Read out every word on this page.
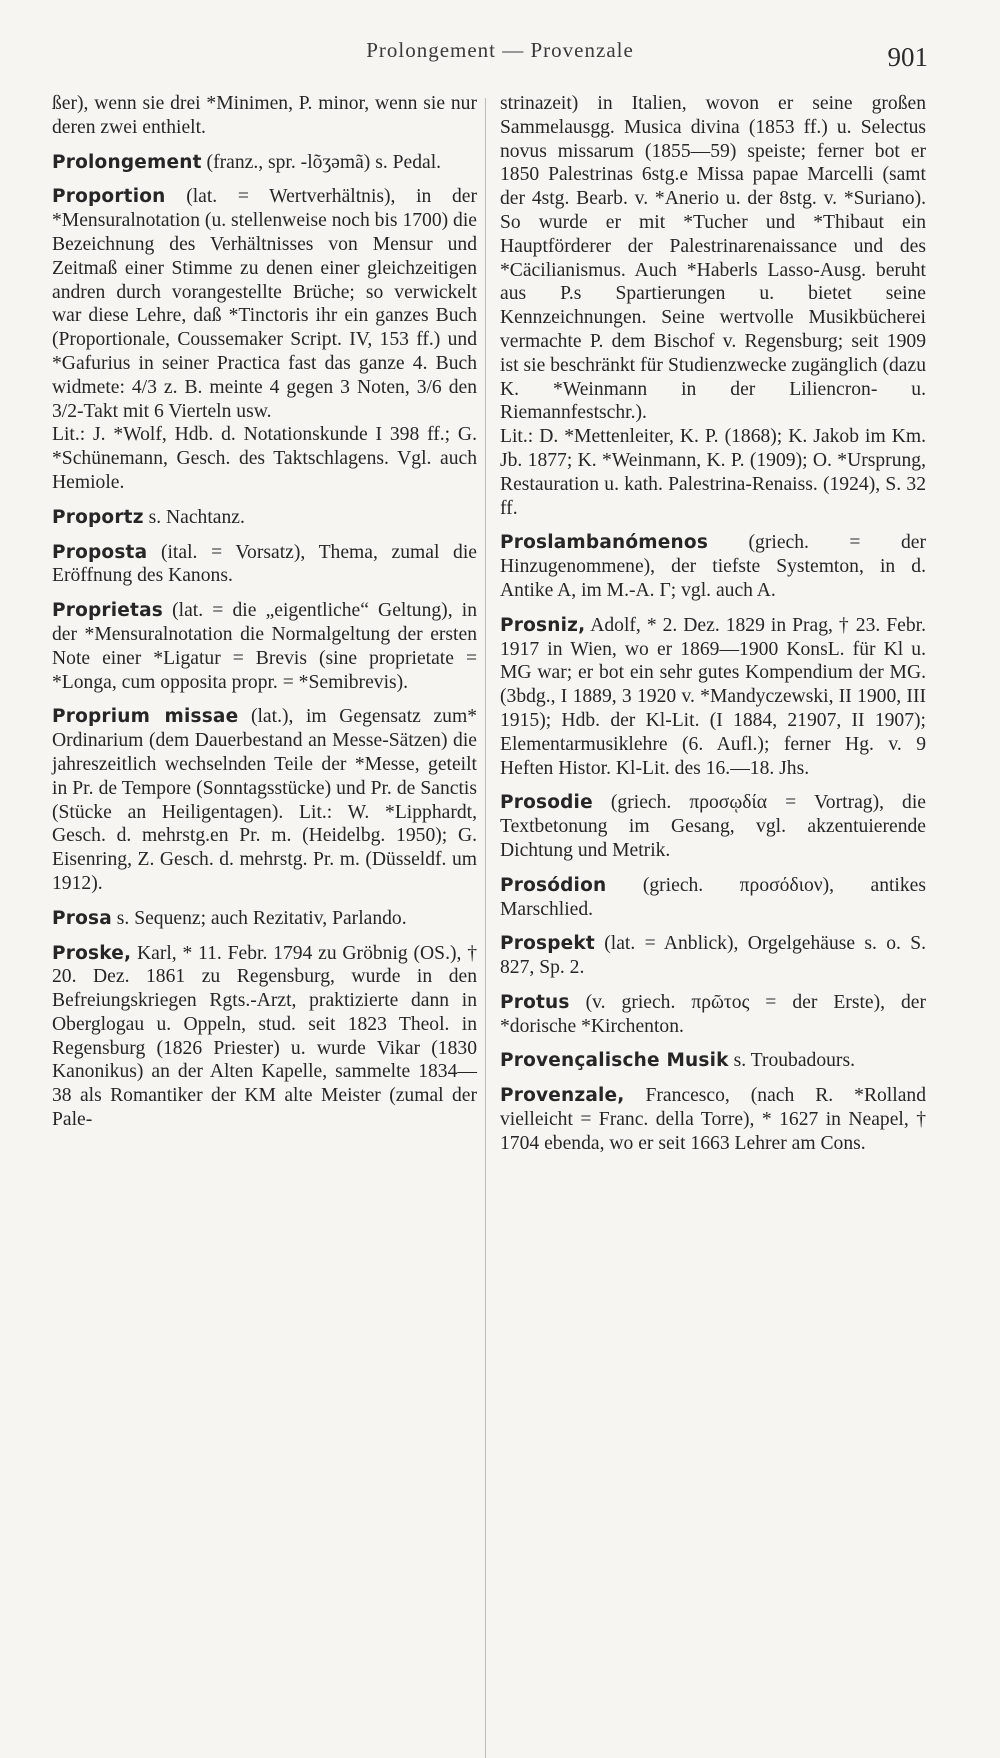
Prolongement — Provenzale	901

ßer), wenn sie drei *Minimen, P. minor, wenn sie nur deren zwei enthielt.

Prolongement (franz., spr. -lõʒəmã) s. Pedal.

Proportion (lat. = Wertverhältnis), in der *Mensuralnotation (u. stellenweise noch bis 1700) die Bezeichnung des Verhältnisses von Mensur und Zeitmaß einer Stimme zu denen einer gleichzeitigen andren durch vorangestellte Brüche; so verwickelt war diese Lehre, daß *Tinctoris ihr ein ganzes Buch (Proportionale, Coussemaker Script. IV, 153 ff.) und *Gafurius in seiner Practica fast das ganze 4. Buch widmete: 4/3 z. B. meinte 4 gegen 3 Noten, 3/6 den 3/2-Takt mit 6 Vierteln usw.
Lit.: J. *Wolf, Hdb. d. Notationskunde I 398 ff.; G. *Schünemann, Gesch. des Taktschlagens. Vgl. auch Hemiole.

Proportz s. Nachtanz.

Proposta (ital. = Vorsatz), Thema, zumal die Eröffnung des Kanons.

Proprietas (lat. = die „eigentliche“ Geltung), in der *Mensuralnotation die Normalgeltung der ersten Note einer *Ligatur = Brevis (sine proprietate = *Longa, cum opposita propr. = *Semibrevis).

Proprium missae (lat.), im Gegensatz zum* Ordinarium (dem Dauerbestand an Messe-Sätzen) die jahreszeitlich wechselnden Teile der *Messe, geteilt in Pr. de Tempore (Sonntagsstücke) und Pr. de Sanctis (Stücke an Heiligentagen). Lit.: W. *Lipphardt, Gesch. d. mehrstg.en Pr. m. (Heidelbg. 1950); G. Eisenring, Z. Gesch. d. mehrstg. Pr. m. (Düsseldf. um 1912).

Prosa s. Sequenz; auch Rezitativ, Parlando.

Proske, Karl, * 11. Febr. 1794 zu Gröbnig (OS.), † 20. Dez. 1861 zu Regensburg, wurde in den Befreiungskriegen Rgts.-Arzt, praktizierte dann in Oberglogau u. Oppeln, stud. seit 1823 Theol. in Regensburg (1826 Priester) u. wurde Vikar (1830 Kanonikus) an der Alten Kapelle, sammelte 1834—38 als Romantiker der KM alte Meister (zumal der Pale-

strinazeit) in Italien, wovon er seine großen Sammelausgg. Musica divina (1853 ff.) u. Selectus novus missarum (1855—59) speiste; ferner bot er 1850 Palestrinas 6stg.e Missa papae Marcelli (samt der 4stg. Bearb. v. *Anerio u. der 8stg. v. *Suriano). So wurde er mit *Tucher und *Thibaut ein Hauptförderer der Palestrinarenaissance und des *Cäcilianismus. Auch *Haberls Lasso-Ausg. beruht aus P.s Spartierungen u. bietet seine Kennzeichnungen. Seine wertvolle Musikbücherei vermachte P. dem Bischof v. Regensburg; seit 1909 ist sie beschränkt für Studienzwecke zugänglich (dazu K. *Weinmann in der Liliencron- u. Riemannfestschr.).
Lit.: D. *Mettenleiter, K. P. (1868); K. Jakob im Km. Jb. 1877; K. *Weinmann, K. P. (1909); O. *Ursprung, Restauration u. kath. Palestrina-Renaiss. (1924), S. 32 ff.

Proslambanómenos (griech. = der Hinzugenommene), der tiefste Systemton, in d. Antike A, im M.-A. Γ; vgl. auch A.

Prosniz, Adolf, * 2. Dez. 1829 in Prag, † 23. Febr. 1917 in Wien, wo er 1869—1900 KonsL. für Kl u. MG war; er bot ein sehr gutes Kompendium der MG. (3bdg., I 1889, 3 1920 v. *Mandyczewski, II 1900, III 1915); Hdb. der Kl-Lit. (I 1884, 21907, II 1907); Elementarmusiklehre (6. Aufl.); ferner Hg. v. 9 Heften Histor. Kl-Lit. des 16.—18. Jhs.

Prosodie (griech. προσῳδία = Vortrag), die Textbetonung im Gesang, vgl. akzentuierende Dichtung und Metrik.

Prosódion (griech. προσόδιον), antikes Marschlied.

Prospekt (lat. = Anblick), Orgelgehäuse s. o. S. 827, Sp. 2.

Protus (v. griech. πρῶτος = der Erste), der *dorische *Kirchenton.

Provençalische Musik s. Troubadours.

Provenzale, Francesco, (nach R. *Rolland vielleicht = Franc. della Torre), * 1627 in Neapel, † 1704 ebenda, wo er seit 1663 Lehrer am Cons.
